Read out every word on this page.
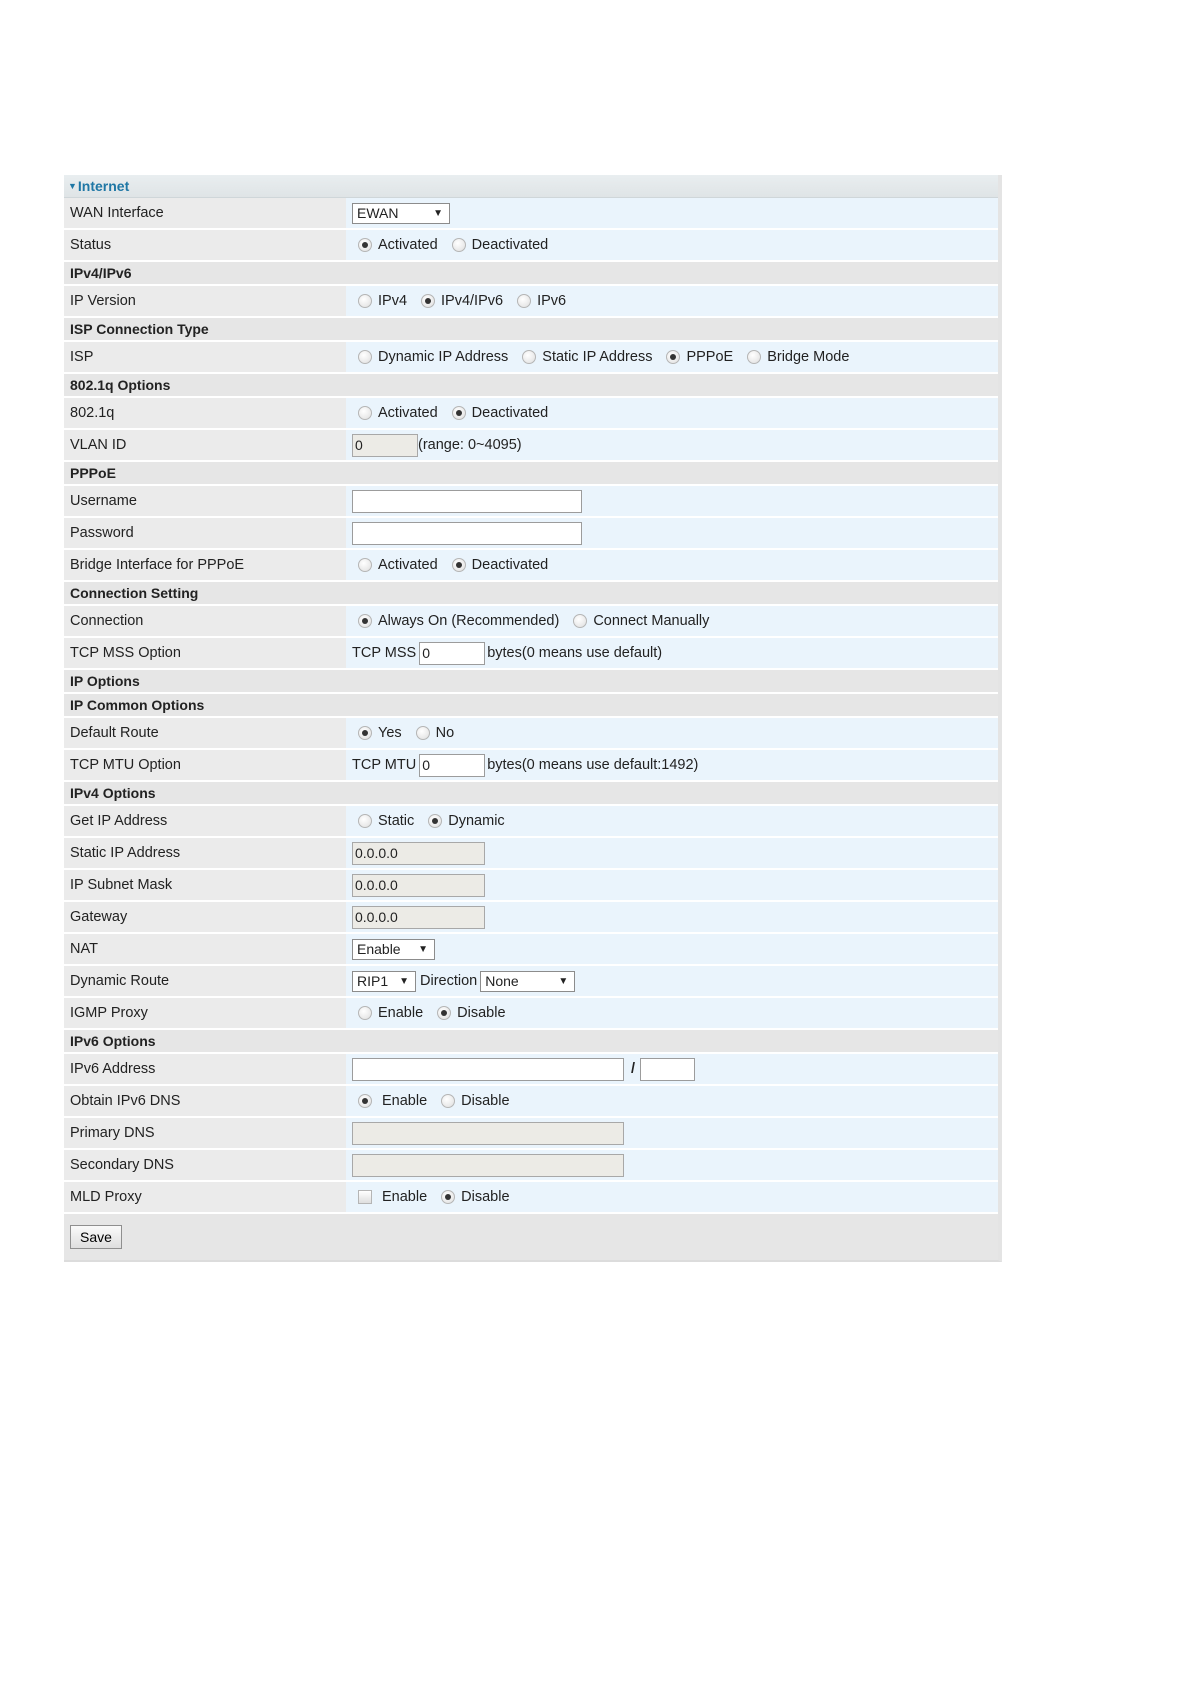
▼Internet
WAN Interface	EWAN	▼
Status	Activated Deactivated
IPv4/IPv6
IP Version	IPv4 IPv4/IPv6 IPv6
ISP Connection Type
ISP	Dynamic IP Address Static IP Address PPPoE Bridge Mode
802.1q Options
802.1q	Activated Deactivated
VLAN ID	0	(range: 0~4095)
PPPoE
Username
Password
Bridge Interface for PPPoE	Activated Deactivated
Connection Setting
Connection	Always On (Recommended) Connect Manually
TCP MSS Option	TCP MSS 0	bytes(0 means use default)
IP Options
IP Common Options
Default Route	Yes No
TCP MTU Option	TCP MTU 0	bytes(0 means use default:1492)
IPv4 Options
Get IP Address	Static Dynamic
Static IP Address	0.0.0.0
IP Subnet Mask	0.0.0.0
Gateway	0.0.0.0
NAT	Enable ▼
Dynamic Route	RIP1 ▼ Direction None	▼
IGMP Proxy	Enable Disable
IPv6 Options
IPv6 Address	/
Obtain IPv6 DNS	Enable Disable
Primary DNS
Secondary DNS
MLD Proxy	Enable Disable
Save
